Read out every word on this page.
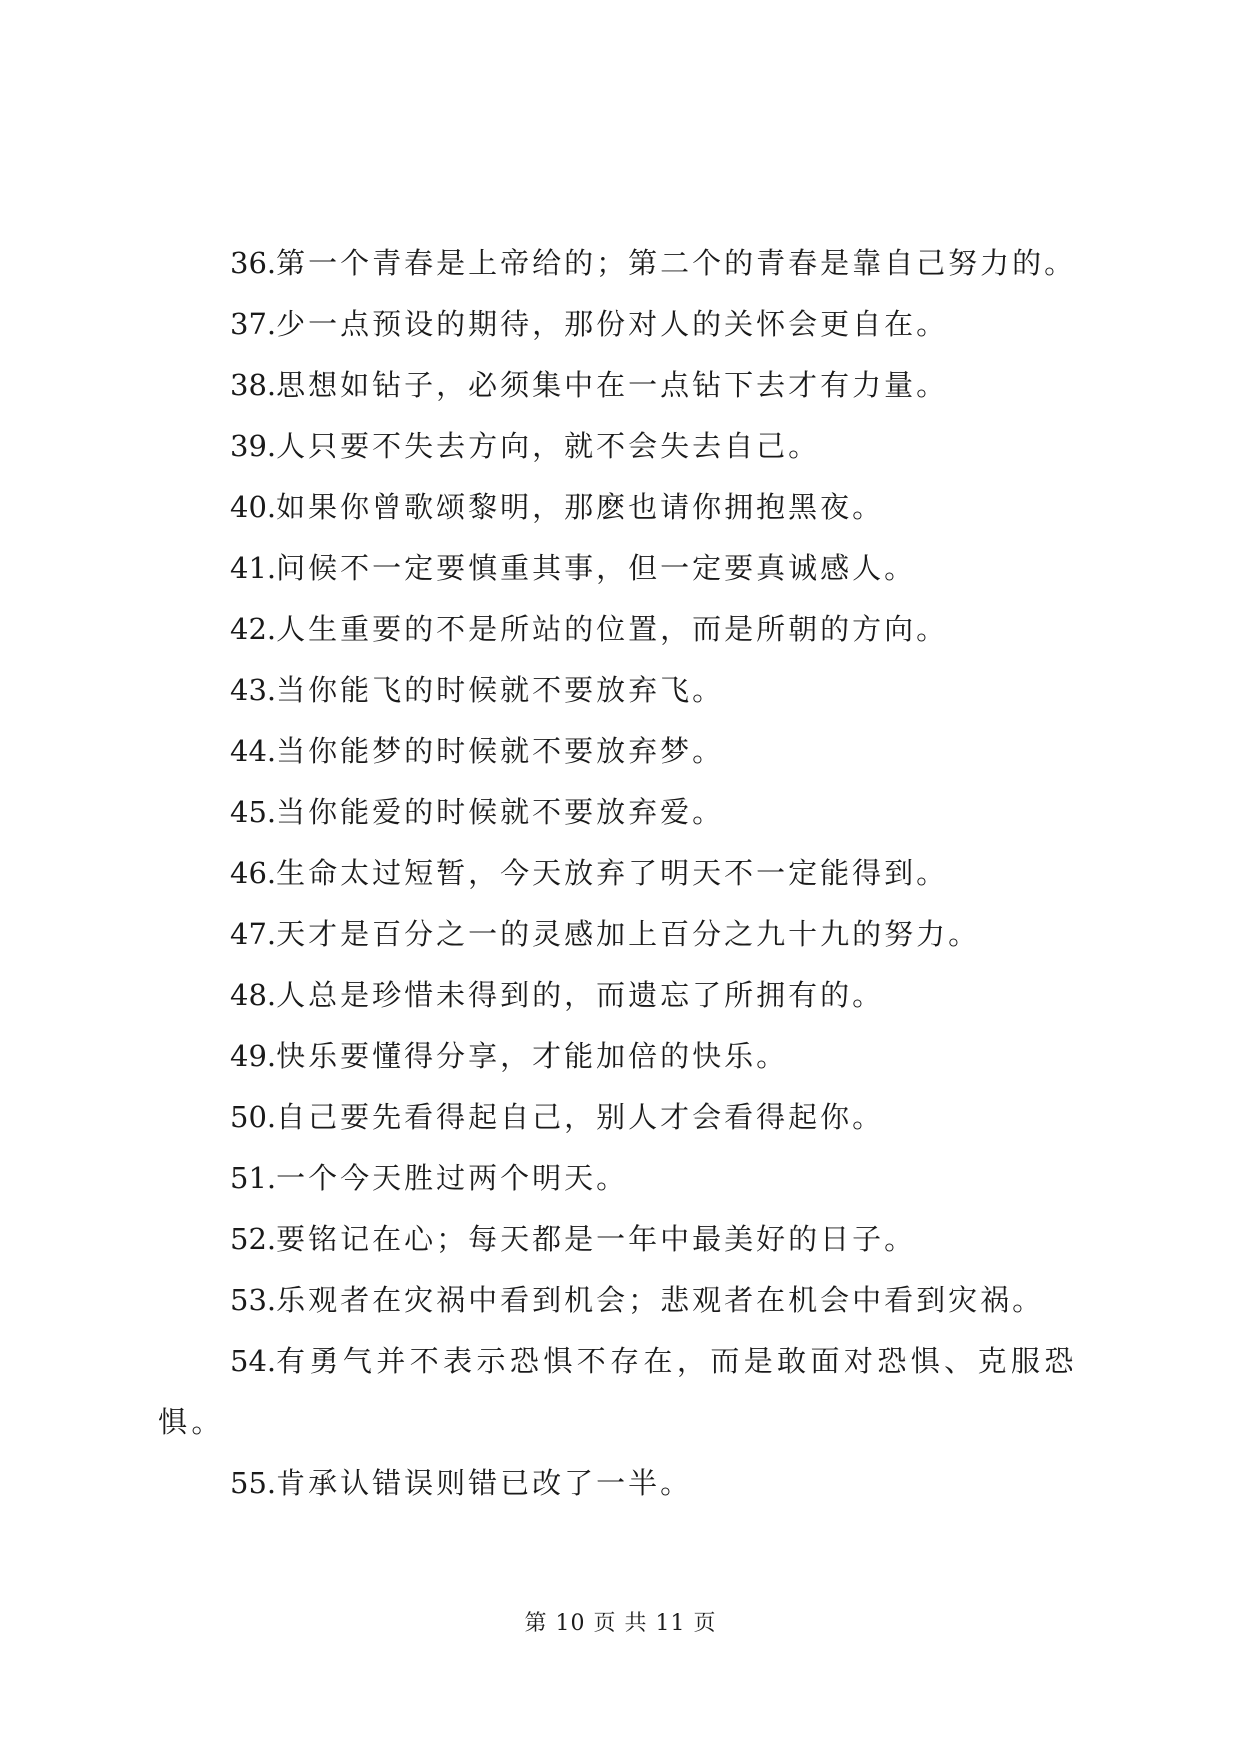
36.第一个青春是上帝给的；第二个的青春是靠自己努力的。
37.少一点预设的期待，那份对人的关怀会更自在。
38.思想如钻子，必须集中在一点钻下去才有力量。
39.人只要不失去方向，就不会失去自己。
40.如果你曾歌颂黎明，那麽也请你拥抱黑夜。
41.问候不一定要慎重其事，但一定要真诚感人。
42.人生重要的不是所站的位置，而是所朝的方向。
43.当你能飞的时候就不要放弃飞。
44.当你能梦的时候就不要放弃梦。
45.当你能爱的时候就不要放弃爱。
46.生命太过短暂，今天放弃了明天不一定能得到。
47.天才是百分之一的灵感加上百分之九十九的努力。
48.人总是珍惜未得到的，而遗忘了所拥有的。
49.快乐要懂得分享，才能加倍的快乐。
50.自己要先看得起自己，别人才会看得起你。
51.一个今天胜过两个明天。
52.要铭记在心；每天都是一年中最美好的日子。
53.乐观者在灾祸中看到机会；悲观者在机会中看到灾祸。
54.有勇气并不表示恐惧不存在，而是敢面对恐惧、克服恐惧。
55.肯承认错误则错已改了一半。
第 10 页 共 11 页
